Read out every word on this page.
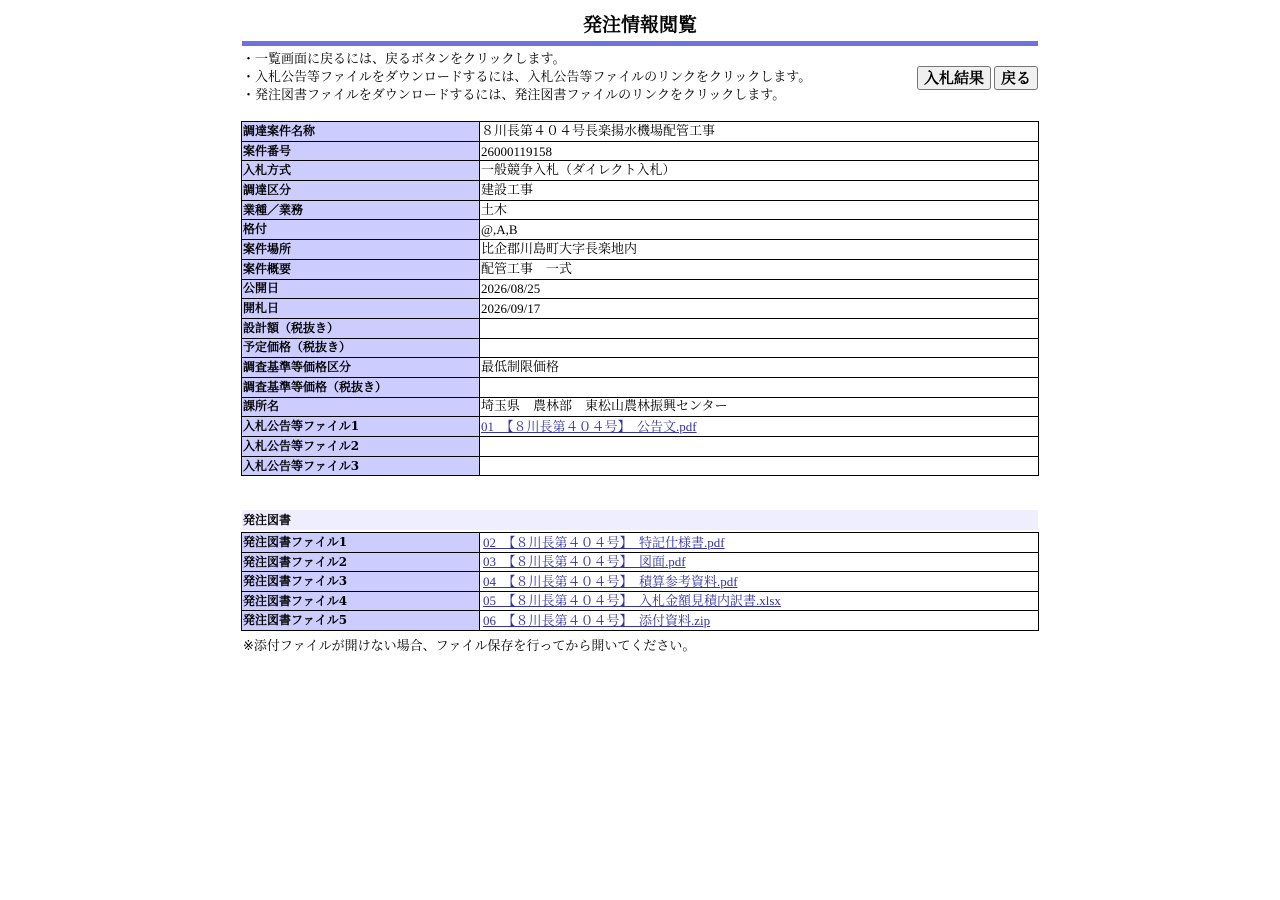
発注情報閲覧
・一覧画面に戻るには、戻るボタンをクリックします。
・入札公告等ファイルをダウンロードするには、入札公告等ファイルのリンクをクリックします。
・発注図書ファイルをダウンロードするには、発注図書ファイルのリンクをクリックします。
入札結果	戻る
調達案件名称	８川長第４０４号長楽揚水機場配管工事
案件番号	26000119158
入札方式	一般競争入札（ダイレクト入札）
調達区分	建設工事
業種／業務	土木
格付	@,A,B
案件場所	比企郡川島町大字長楽地内
案件概要	配管工事　一式
公開日	2026/08/25
開札日	2026/09/17
設計額（税抜き）	
予定価格（税抜き）	
調査基準等価格区分	最低制限価格
調査基準等価格（税抜き）	
課所名	埼玉県　農林部　東松山農林振興センター
入札公告等ファイル1	01　【８川長第４０４号】　公告文.pdf
入札公告等ファイル2	
入札公告等ファイル3	
発注図書
発注図書ファイル1	02　【８川長第４０４号】　特記仕様書.pdf
発注図書ファイル2	03　【８川長第４０４号】　図面.pdf
発注図書ファイル3	04　【８川長第４０４号】　積算参考資料.pdf
発注図書ファイル4	05　【８川長第４０４号】　入札金額見積内訳書.xlsx
発注図書ファイル5	06　【８川長第４０４号】　添付資料.zip
※添付ファイルが開けない場合、ファイル保存を行ってから開いてください。
